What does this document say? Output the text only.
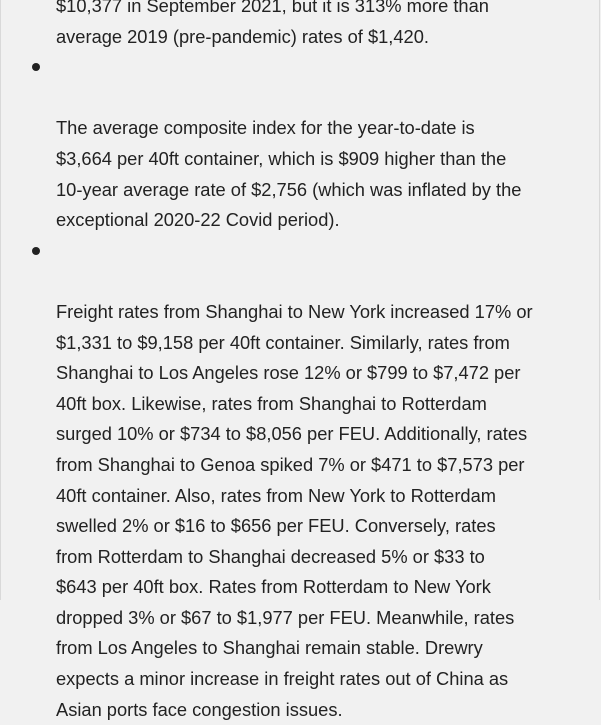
$10,377 in September 2021, but it is 313% more than
average 2019 (pre-pandemic) rates of $1,420.

The average composite index for the year-to-date is
$3,664 per 40ft container, which is $909 higher than the
10-year average rate of $2,756 (which was inflated by the
exceptional 2020-22 Covid period).

Freight rates from Shanghai to New York increased 17% or
$1,331 to $9,158 per 40ft container. Similarly, rates from
Shanghai to Los Angeles rose 12% or $799 to $7,472 per
40ft box. Likewise, rates from Shanghai to Rotterdam
surged 10% or $734 to $8,056 per FEU. Additionally, rates
from Shanghai to Genoa spiked 7% or $471 to $7,573 per
40ft container. Also, rates from New York to Rotterdam
swelled 2% or $16 to $656 per FEU. Conversely, rates
from Rotterdam to Shanghai decreased 5% or $33 to
$643 per 40ft box. Rates from Rotterdam to New York
dropped 3% or $67 to $1,977 per FEU. Meanwhile, rates
from Los Angeles to Shanghai remain stable. Drewry
expects a minor increase in freight rates out of China as
Asian ports face congestion issues.
